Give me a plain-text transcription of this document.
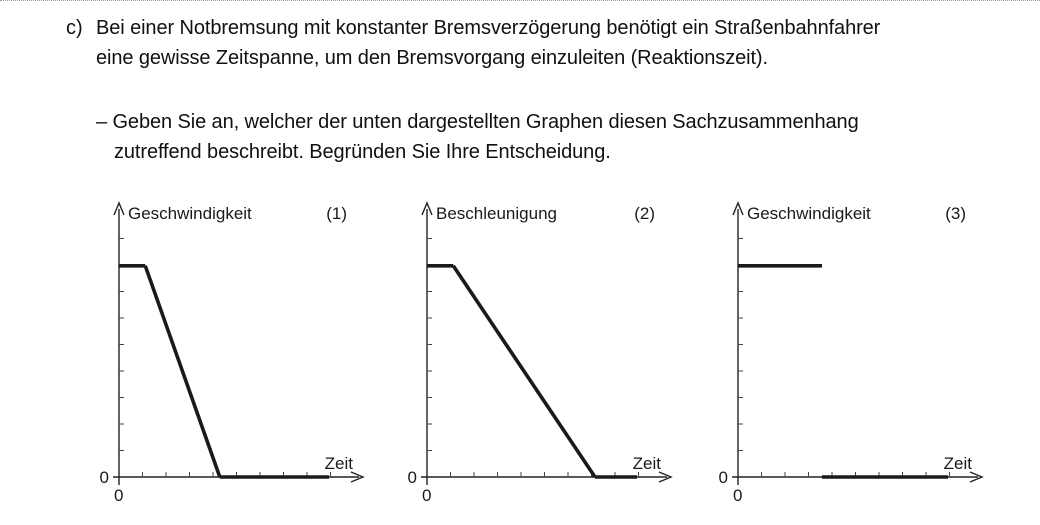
c) Bei einer Notbremsung mit konstanter Bremsverzögerung benötigt ein Straßenbahnfahrer
eine gewisse Zeitspanne, um den Bremsvorgang einzuleiten (Reaktionszeit).
– Geben Sie an, welcher der unten dargestellten Graphen diesen Sachzusammenhang
zutreffend beschreibt. Begründen Sie Ihre Entscheidung.
Geschwindigkeit	(1)
Zeit
0
0
Beschleunigung	(2)
Zeit
0
0
Geschwindigkeit	(3)
Zeit
0
0
